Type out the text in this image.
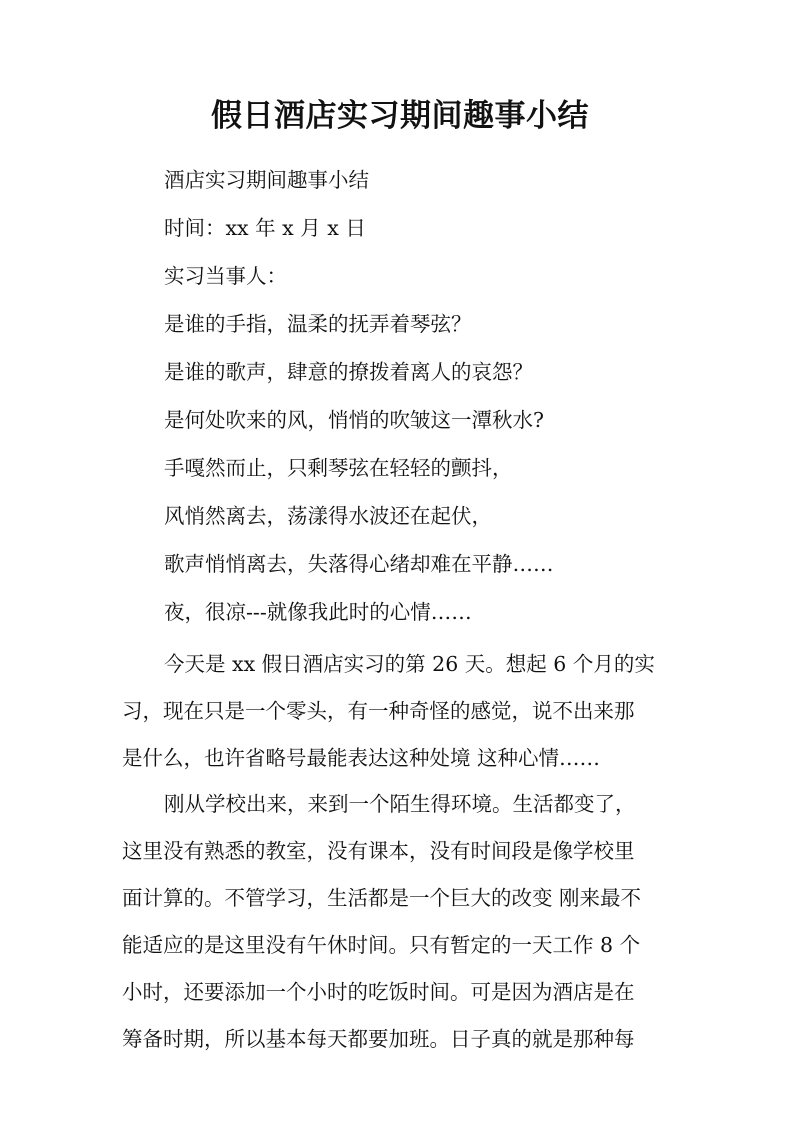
假日酒店实习期间趣事小结

酒店实习期间趣事小结

时间：xx 年 x 月 x 日

实习当事人：

是谁的手指，温柔的抚弄着琴弦？

是谁的歌声，肆意的撩拨着离人的哀怨？

是何处吹来的风，悄悄的吹皱这一潭秋水?

手嘎然而止，只剩琴弦在轻轻的颤抖，

风悄然离去，荡漾得水波还在起伏，

歌声悄悄离去，失落得心绪却难在平静……

夜，很凉---就像我此时的心情……

今天是 xx 假日酒店实习的第 26 天。想起 6 个月的实
习，现在只是一个零头，有一种奇怪的感觉，说不出来那
是什么，也许省略号最能表达这种处境 这种心情……
刚从学校出来，来到一个陌生得环境。生活都变了，
这里没有熟悉的教室，没有课本，没有时间段是像学校里
面计算的。不管学习，生活都是一个巨大的改变 刚来最不
能适应的是这里没有午休时间。只有暂定的一天工作 8 个
小时，还要添加一个小时的吃饭时间。可是因为酒店是在
筹备时期，所以基本每天都要加班。日子真的就是那种每
